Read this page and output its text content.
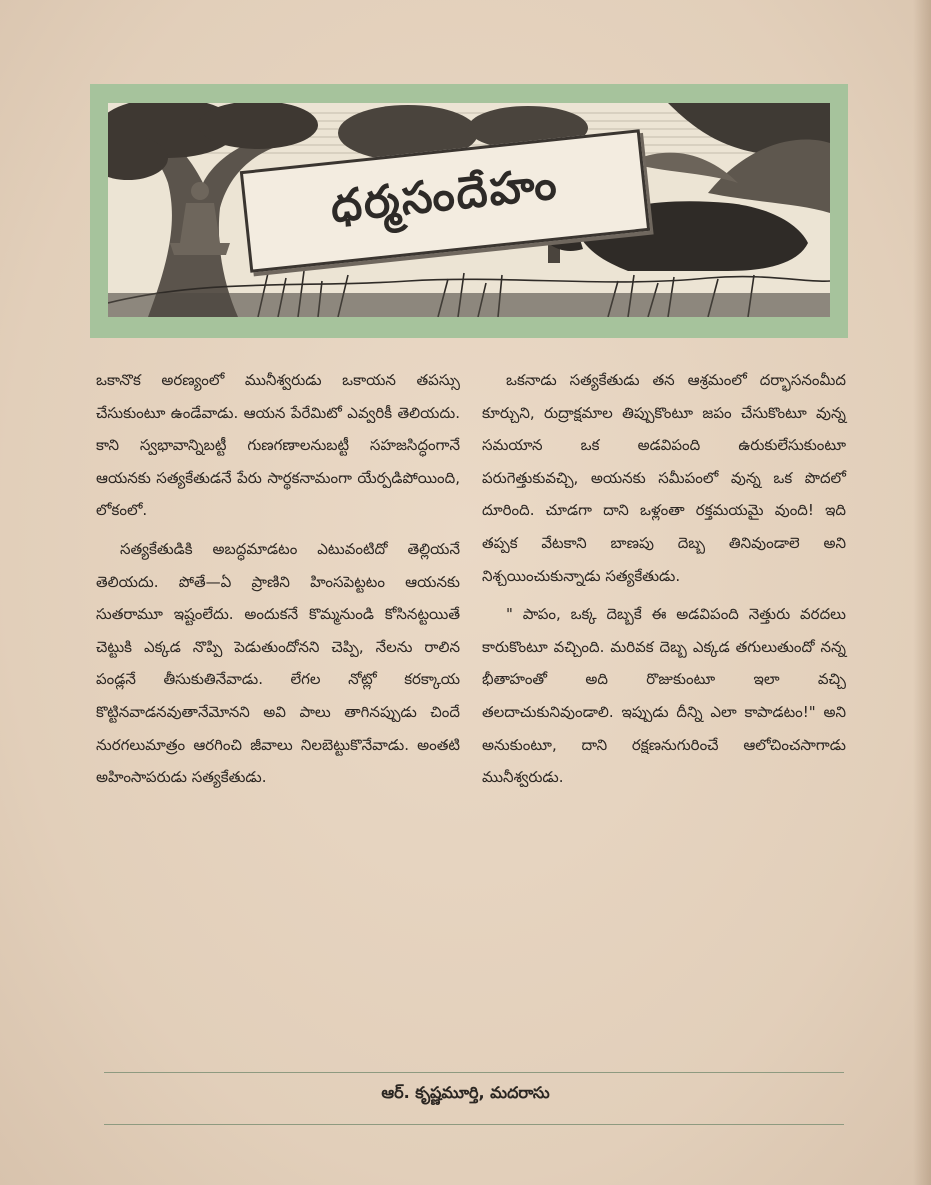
ధర్మసందేహం

ఒకానొక అరణ్యంలో మునీశ్వరుడు ఒకాయన తపస్సు చేసుకుంటూ ఉండేవాడు. ఆయన పేరేమిటో ఎవ్వరికీ తెలియదు. కాని స్వభావాన్నిబట్టీ గుణగణాలనుబట్టీ సహజసిద్ధంగానే ఆయనకు సత్యకేతుడనే పేరు సార్థకనామంగా యేర్పడిపోయింది, లోకంలో.

సత్యకేతుడికి అబద్ధమాడటం ఎటువంటిదో తెల్లియనే తెలియదు. పోతే—ఏ ప్రాణిని హింసపెట్టటం ఆయనకు సుతరామూ ఇష్టంలేదు. అందుకనే కొమ్మనుండి కోసినట్టయితే చెట్టుకి ఎక్కడ నొప్పి పెడుతుందోనని చెప్పి, నేలను రాలిన పండ్లనే తీసుకుతినేవాడు. లేగల నోట్లో కరక్కాయ కొట్టినవాడనవుతానేమోనని అవి పాలు తాగినప్పుడు చిందే నురగలుమాత్రం ఆరగించి జీవాలు నిలబెట్టుకొనేవాడు. అంతటి అహింసాపరుడు సత్యకేతుడు.

ఒకనాడు సత్యకేతుడు తన ఆశ్రమంలో దర్భాసనంమీద కూర్చుని, రుద్రాక్షమాల తిప్పుకొంటూ జపం చేసుకొంటూ వున్న సమయాన ఒక అడవిపంది ఉరుకులేసుకుంటూ పరుగెత్తుకువచ్చి, అయనకు సమీపంలో వున్న ఒక పొదలో దూరింది. చూడగా దాని ఒళ్లంతా రక్తమయమై వుంది! ఇది తప్పక వేటకాని బాణపు దెబ్బ తినివుండాలె అని నిశ్చయించుకున్నాడు సత్యకేతుడు.

" పాపం, ఒక్క దెబ్బకే ఈ అడవిపంది నెత్తురు వరదలు కారుకొంటూ వచ్చింది. మరివక దెబ్బ ఎక్కడ తగులుతుందో నన్న భీతాహంతో అది రొజుకుంటూ ఇలా వచ్చి తలదాచుకునివుండాలి. ఇప్పుడు దీన్ని ఎలా కాపాడటం!" అని అనుకుంటూ, దాని రక్షణనుగురించే ఆలోచించసాగాడు మునీశ్వరుడు.

ఆర్. కృష్ణమూర్తి, మదరాసు
